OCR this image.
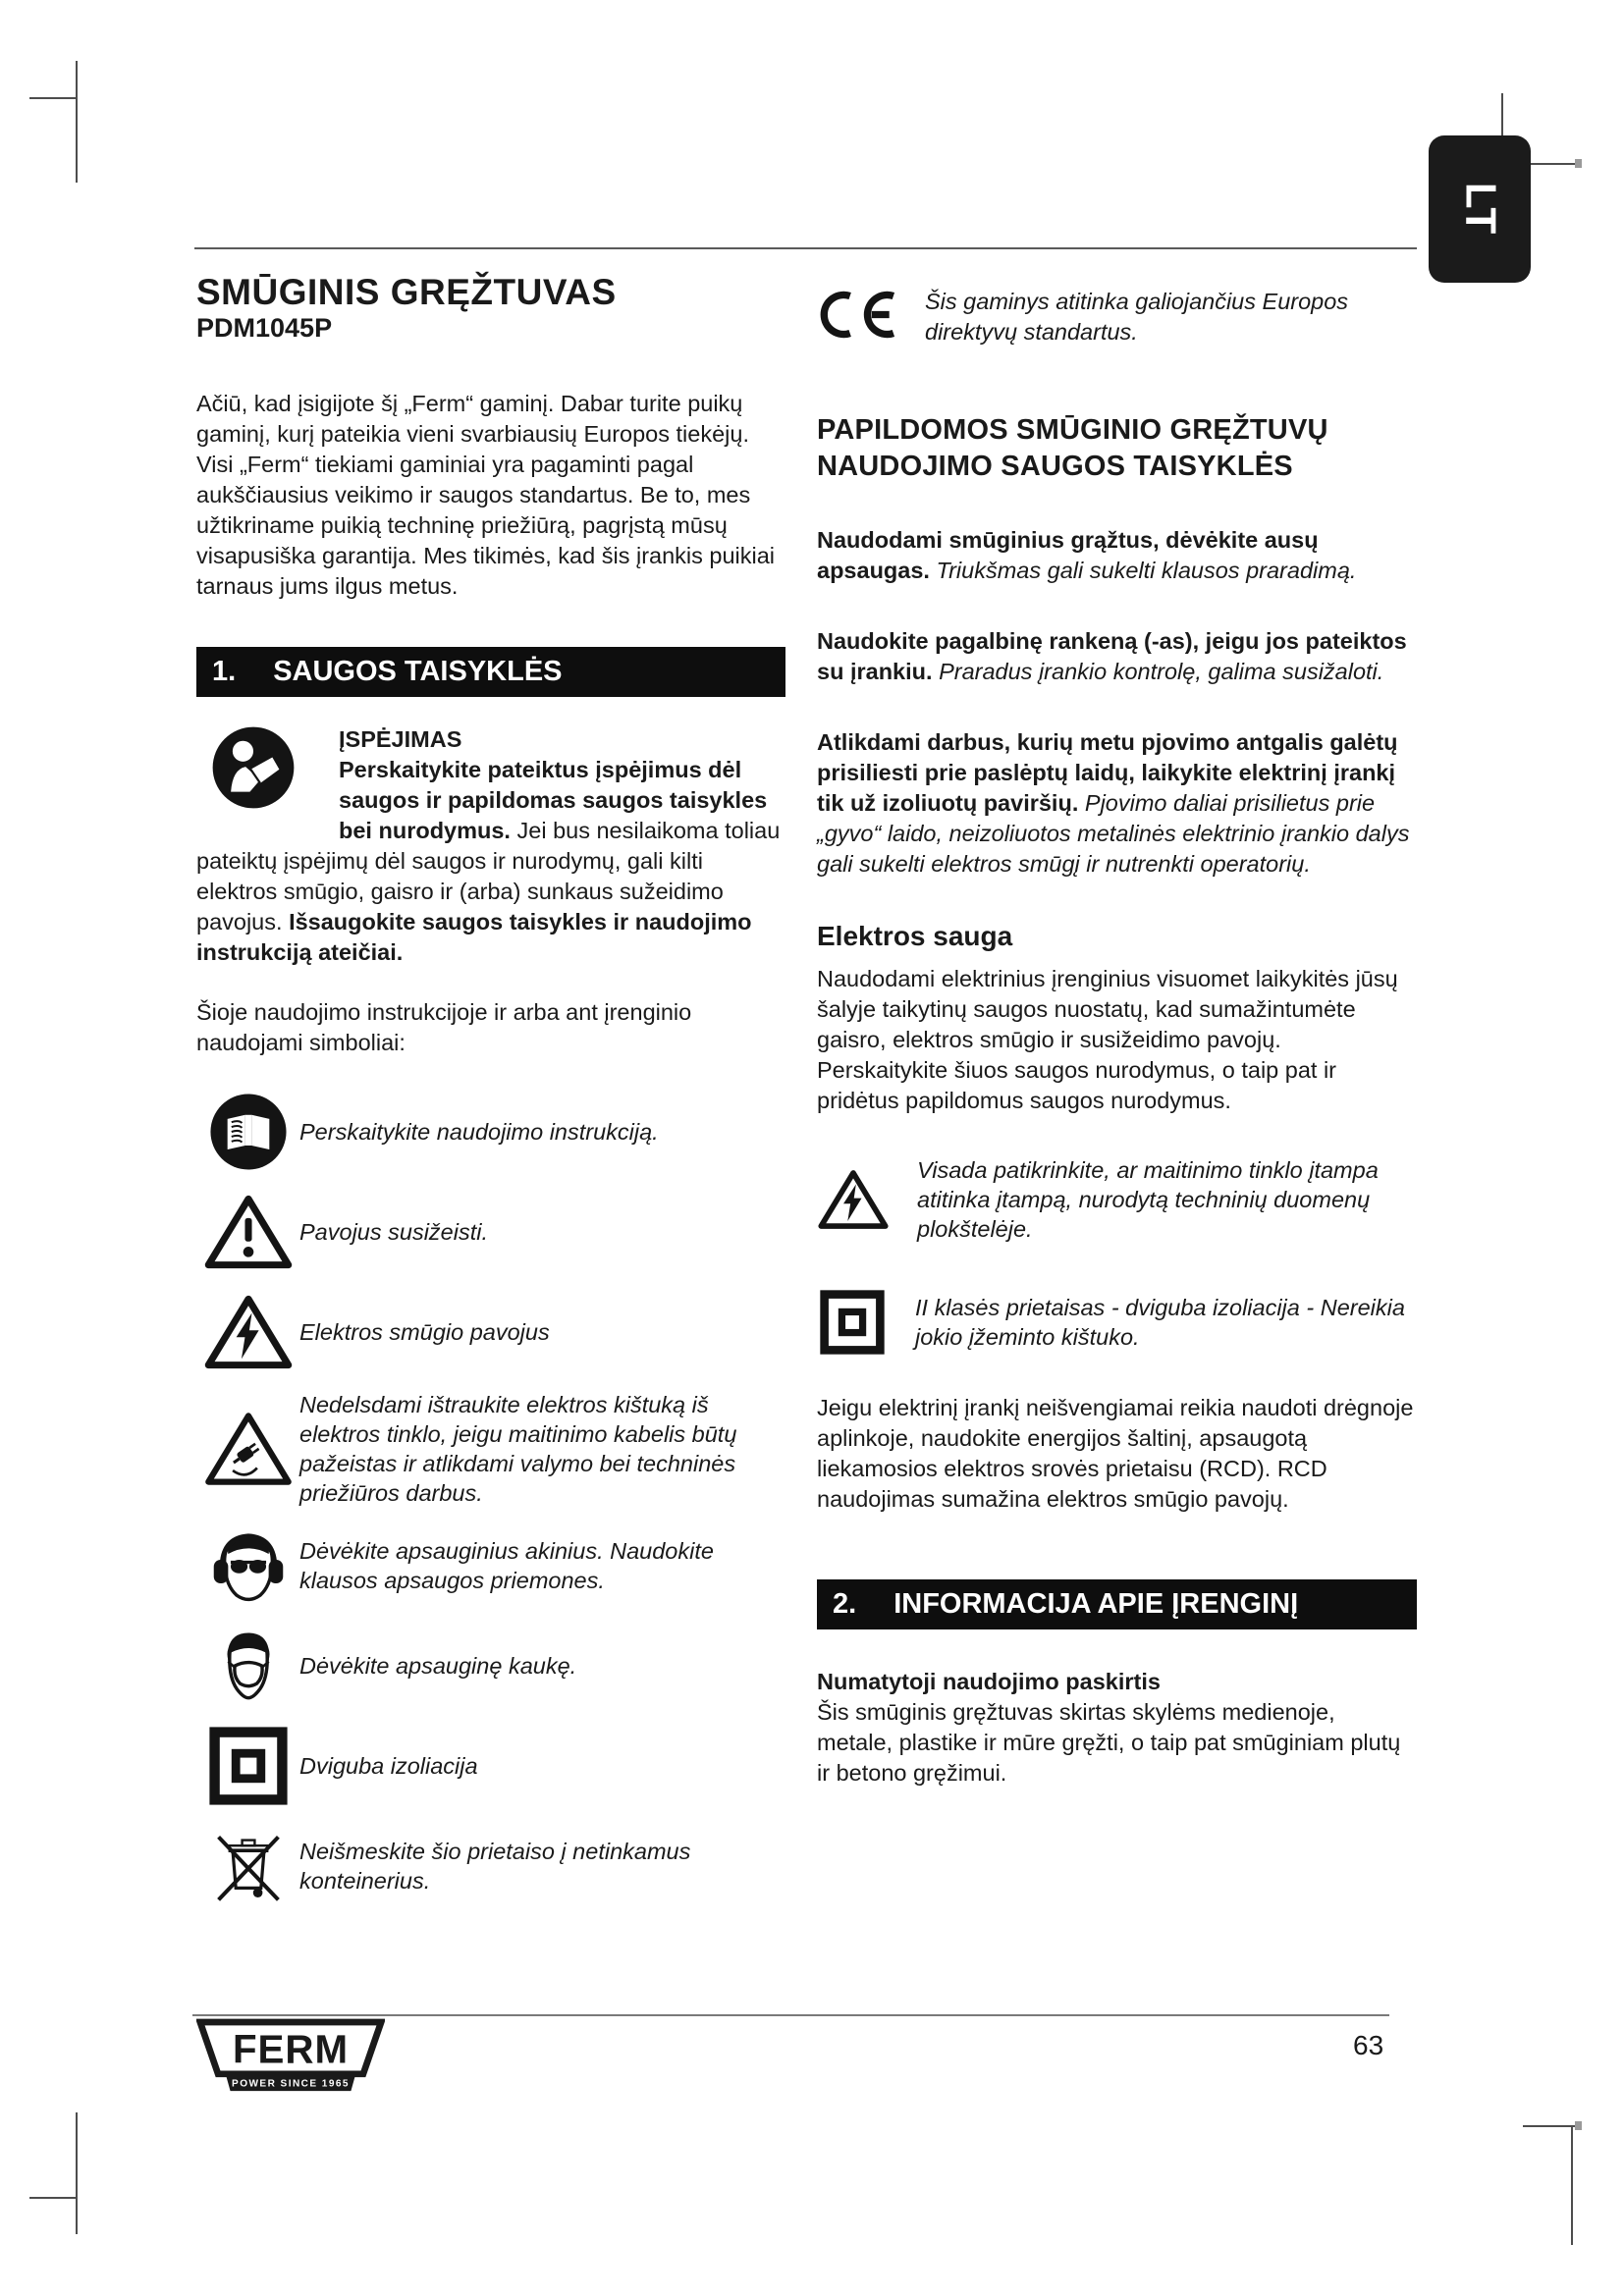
LT
SMŪGINIS GRĘŽTUVAS
PDM1045P

Ačiū, kad įsigijote šį „Ferm“ gaminį. Dabar turite puikų gaminį, kurį pateikia vieni svarbiausių Europos tiekėjų. Visi „Ferm“ tiekiami gaminiai yra pagaminti pagal aukščiausius veikimo ir saugos standartus. Be to, mes užtikriname puikią techninę priežiūrą, pagrįstą mūsų visapusiška garantija. Mes tikimės, kad šis įrankis puikiai tarnaus jums ilgus metus.

1. SAUGOS TAISYKLĖS
ĮSPĖJIMAS
Perskaitykite pateiktus įspėjimus dėl saugos ir papildomas saugos taisykles bei nurodymus. Jei bus nesilaikoma toliau pateiktų įspėjimų dėl saugos ir nurodymų, gali kilti elektros smūgio, gaisro ir (arba) sunkaus sužeidimo pavojus. Išsaugokite saugos taisykles ir naudojimo instrukciją ateičiai.

Šioje naudojimo instrukcijoje ir arba ant įrenginio naudojami simboliai:

Perskaitykite naudojimo instrukciją.
Pavojus susižeisti.
Elektros smūgio pavojus
Nedelsdami ištraukite elektros kištuką iš elektros tinklo, jeigu maitinimo kabelis būtų pažeistas ir atlikdami valymo bei techninės priežiūros darbus.
Dėvėkite apsauginius akinius. Naudokite klausos apsaugos priemones.
Dėvėkite apsauginę kaukę.
Dviguba izoliacija
Neišmeskite šio prietaiso į netinkamus konteinerius.
Šis gaminys atitinka galiojančius Europos direktyvų standartus.
PAPILDOMOS SMŪGINIO GRĘŽTUVŲ NAUDOJIMO SAUGOS TAISYKLĖS

Naudodami smūginius grąžtus, dėvėkite ausų apsaugas. Triukšmas gali sukelti klausos praradimą.

Naudokite pagalbinę rankeną (-as), jeigu jos pateiktos su įrankiu. Praradus įrankio kontrolę, galima susižaloti.

Atlikdami darbus, kurių metu pjovimo antgalis galėtų prisiliesti prie paslėptų laidų, laikykite elektrinį įrankį tik už izoliuotų paviršių. Pjovimo daliai prisilietus prie „gyvo“ laido, neizoliuotos metalinės elektrinio įrankio dalys gali sukelti elektros smūgį ir nutrenkti operatorių.

Elektros sauga

Naudodami elektrinius įrenginius visuomet laikykitės jūsų šalyje taikytinų saugos nuostatų, kad sumažintumėte gaisro, elektros smūgio ir susižeidimo pavojų. Perskaitykite šiuos saugos nurodymus, o taip pat ir pridėtus papildomus saugos nurodymus.

Visada patikrinkite, ar maitinimo tinklo įtampa atitinka įtampą, nurodytą techninių duomenų plokštelėje.
II klasės prietaisas - dviguba izoliacija - Nereikia jokio įžeminto kištuko.

Jeigu elektrinį įrankį neišvengiamai reikia naudoti drėgnoje aplinkoje, naudokite energijos šaltinį, apsaugotą liekamosios elektros srovės prietaisu (RCD). RCD naudojimas sumažina elektros smūgio pavojų.

2. INFORMACIJA APIE ĮRENGINĮ
Numatytoji naudojimo paskirtis

Šis smūginis gręžtuvas skirtas skylėms medienoje, metale, plastike ir mūre gręžti, o taip pat smūginiam plutų ir betono gręžimui.

FERM
POWER SINCE 1965
63
